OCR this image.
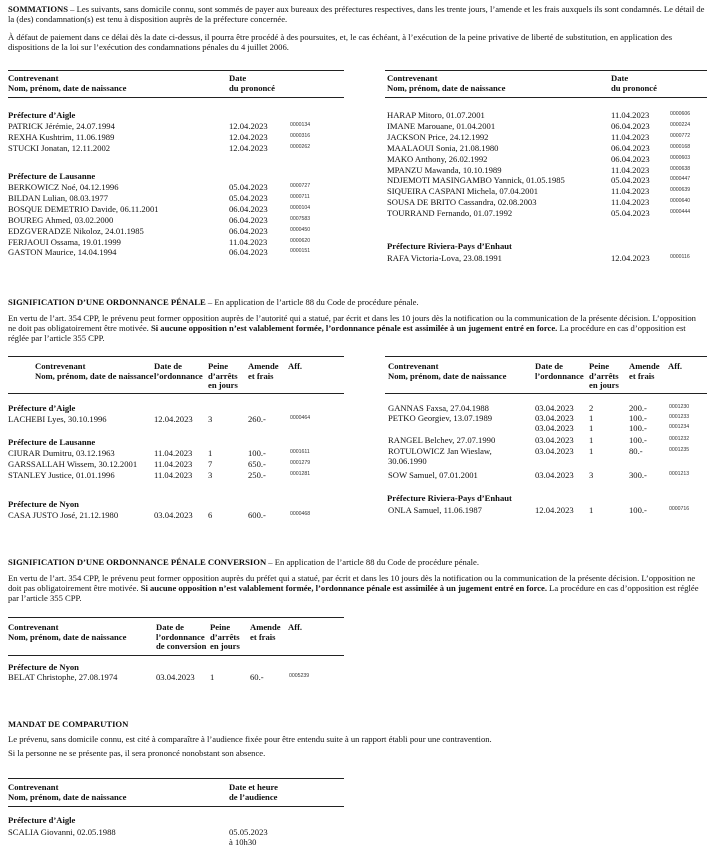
SOMMATIONS – Les suivants, sans domicile connu, sont sommés de payer aux bureaux des préfectures respectives, dans les trente jours, l’amende et les frais auxquels ils sont condamnés. Le détail de la (des) condamnation(s) est tenu à disposition auprès de la préfecture concernée.

À défaut de paiement dans ce délai dès la date ci-dessus, il pourra être procédé à des poursuites, et, le cas échéant, à l’exécution de la peine privative de liberté de substitution, en application des dispositions de la loi sur l’exécution des condamnations pénales du 4 juillet 2006.

Contrevenant
Nom, prénom, date de naissance
Date
du prononcé
Préfecture d’Aigle
PATRICK Jérémie, 24.07.1994	12.04.2023	0000134
REXHA Kushtrim, 11.06.1989	12.04.2023	0000316
STUCKI Jonatan, 12.11.2002	12.04.2023	0000262
Préfecture de Lausanne
BERKOWICZ Noé, 04.12.1996	05.04.2023	0000727
BILDAN Lulian, 08.03.1977	05.04.2023	0000711
BOSQUE DEMETRIO Davide, 06.11.2001	06.04.2023	0000104
BOUREG Ahmed, 03.02.2000	06.04.2023	0007583
EDZGVERADZE Nikoloz, 24.01.1985	06.04.2023	0000450
FERJAOUI Ossama, 19.01.1999	11.04.2023	0000620
GASTON Maurice, 14.04.1994	06.04.2023	0000151
Contrevenant
Nom, prénom, date de naissance
Date
du prononcé
HARAP Mitoro, 01.07.2001	11.04.2023	0000606
IMANE Marouane, 01.04.2001	06.04.2023	0000224
JACKSON Price, 24.12.1992	11.04.2023	0000772
MAALAOUI Sonia, 21.08.1980	06.04.2023	0000168
MAKO Anthony, 26.02.1992	06.04.2023	0000603
MPANZU Mawanda, 10.10.1989	11.04.2023	0000638
NDJEMOTI MASINGAMBO Yannick, 01.05.1985	05.04.2023	0000447
SIQUEIRA CASPANI Michela, 07.04.2001	11.04.2023	0000639
SOUSA DE BRITO Cassandra, 02.08.2003	11.04.2023	0000640
TOURRAND Fernando, 01.07.1992	05.04.2023	0000444
Préfecture Riviera-Pays d’Enhaut
RAFA Victoria-Lova, 23.08.1991	12.04.2023	0000116

SIGNIFICATION D’UNE ORDONNANCE PÉNALE – En application de l’article 88 du Code de procédure pénale.

En vertu de l’art. 354 CPP, le prévenu peut former opposition auprès de l’autorité qui a statué, par écrit et dans les 10 jours dès la notification ou la communication de la présente décision. L’opposition ne doit pas obligatoirement être motivée. Si aucune opposition n’est valablement formée, l’ordonnance pénale est assimilée à un jugement entré en force. La procédure en cas d’opposition est réglée par l’article 355 CPP.

Contrevenant
Nom, prénom, date de naissance
Date de
l’ordonnance
Peine
d’arrêts
en jours
Amende
et frais
Aff.
Préfecture d’Aigle
LACHEBI Lyes, 30.10.1996	12.04.2023 3	260.-	0000464
Préfecture de Lausanne
CIURAR Dumitru, 03.12.1963	11.04.2023 1	100.-	0001611
GARSSALLAH Wissem, 30.12.2001 11.04.2023 7	650.-	0001279
STANLEY Justice, 01.01.1996	11.04.2023 3	250.-	0001281
Préfecture de Nyon
CASA JUSTO José, 21.12.1980	03.04.2023 6	600.-	0000468
Contrevenant
Nom, prénom, date de naissance
Date de
l’ordonnance
Peine
d’arrêts
en jours
Amende
et frais
Aff.
GANNAS Faxsa, 27.04.1988	03.04.2023 2	200.-	0001230
PETKO Georgiev, 13.07.1989	03.04.2023 1	100.-	0001233
03.04.2023 1	100.-	0001234
RANGEL Belchev, 27.07.1990	03.04.2023 1	100.-	0001232
ROTULOWICZ Jan Wieslaw,	03.04.2023 1	80.-	0001235
30.06.1990
SOW Samuel, 07.01.2001	03.04.2023 3	300.-	0001213
Préfecture Riviera-Pays d’Enhaut
ONLA Samuel, 11.06.1987	12.04.2023 1	100.-	0000716

SIGNIFICATION D’UNE ORDONNANCE PÉNALE CONVERSION – En application de l’article 88 du Code de procédure pénale.

En vertu de l’art. 354 CPP, le prévenu peut former opposition auprès du préfet qui a statué, par écrit et dans les 10 jours dès la notification ou la communication de la présente décision. L’opposition ne doit pas obligatoirement être motivée. Si aucune opposition n’est valablement formée, l’ordonnance pénale est assimilée à un jugement entré en force. La procédure en cas d’opposition est réglée par l’article 355 CPP.

Contrevenant
Nom, prénom, date de naissance
Date de
l’ordonnance
de conversion
Peine
d’arrêts
en jours
Amende
et frais
Aff.
Préfecture de Nyon
BELAT Christophe, 27.08.1974	03.04.2023 1	60.-	0005239

MANDAT DE COMPARUTION

Le prévenu, sans domicile connu, est cité à comparaître à l’audience fixée pour être entendu suite à un rapport établi pour une contravention.

Si la personne ne se présente pas, il sera prononcé nonobstant son absence.

Contrevenant
Nom, prénom, date de naissance
Date et heure
de l’audience
Préfecture d’Aigle
SCALIA Giovanni, 02.05.1988	05.05.2023
à 10h30
